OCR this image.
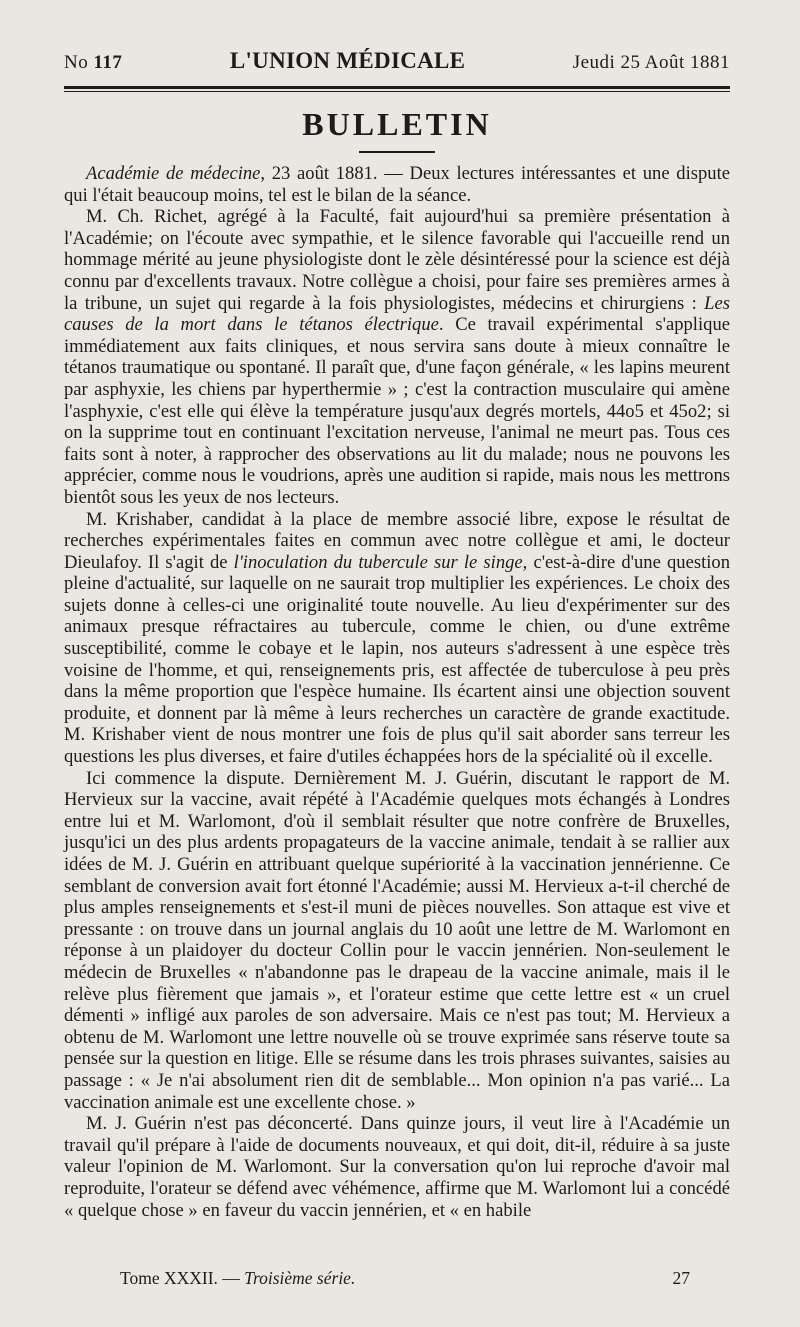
No 117	L'UNION MÉDICALE	Jeudi 25 Août 1881
BULLETIN

Académie de médecine, 23 août 1881. — Deux lectures intéressantes et une dispute qui l'était beaucoup moins, tel est le bilan de la séance.

M. Ch. Richet, agrégé à la Faculté, fait aujourd'hui sa première présentation à l'Académie; on l'écoute avec sympathie, et le silence favorable qui l'accueille rend un hommage mérité au jeune physiologiste dont le zèle désintéressé pour la science est déjà connu par d'excellents travaux. Notre collègue a choisi, pour faire ses premières armes à la tribune, un sujet qui regarde à la fois physiologistes, médecins et chirurgiens : Les causes de la mort dans le tétanos électrique. Ce travail expérimental s'applique immédiatement aux faits cliniques, et nous servira sans doute à mieux connaître le tétanos traumatique ou spontané. Il paraît que, d'une façon générale, « les lapins meurent par asphyxie, les chiens par hyperthermie » ; c'est la contraction musculaire qui amène l'asphyxie, c'est elle qui élève la température jusqu'aux degrés mortels, 44o5 et 45o2; si on la supprime tout en continuant l'excitation nerveuse, l'animal ne meurt pas. Tous ces faits sont à noter, à rapprocher des observations au lit du malade; nous ne pouvons les apprécier, comme nous le voudrions, après une audition si rapide, mais nous les mettrons bientôt sous les yeux de nos lecteurs.

M. Krishaber, candidat à la place de membre associé libre, expose le résultat de recherches expérimentales faites en commun avec notre collègue et ami, le docteur Dieulafoy. Il s'agit de l'inoculation du tubercule sur le singe, c'est-à-dire d'une question pleine d'actualité, sur laquelle on ne saurait trop multiplier les expériences. Le choix des sujets donne à celles-ci une originalité toute nouvelle. Au lieu d'expérimenter sur des animaux presque réfractaires au tubercule, comme le chien, ou d'une extrême susceptibilité, comme le cobaye et le lapin, nos auteurs s'adressent à une espèce très voisine de l'homme, et qui, renseignements pris, est affectée de tuberculose à peu près dans la même proportion que l'espèce humaine. Ils écartent ainsi une objection souvent produite, et donnent par là même à leurs recherches un caractère de grande exactitude. M. Krishaber vient de nous montrer une fois de plus qu'il sait aborder sans terreur les questions les plus diverses, et faire d'utiles échappées hors de la spécialité où il excelle.

Ici commence la dispute. Dernièrement M. J. Guérin, discutant le rapport de M. Hervieux sur la vaccine, avait répété à l'Académie quelques mots échangés à Londres entre lui et M. Warlomont, d'où il semblait résulter que notre confrère de Bruxelles, jusqu'ici un des plus ardents propagateurs de la vaccine animale, tendait à se rallier aux idées de M. J. Guérin en attribuant quelque supériorité à la vaccination jennérienne. Ce semblant de conversion avait fort étonné l'Académie; aussi M. Hervieux a-t-il cherché de plus amples renseignements et s'est-il muni de pièces nouvelles. Son attaque est vive et pressante : on trouve dans un journal anglais du 10 août une lettre de M. Warlomont en réponse à un plaidoyer du docteur Collin pour le vaccin jennérien. Non-seulement le médecin de Bruxelles « n'abandonne pas le drapeau de la vaccine animale, mais il le relève plus fièrement que jamais », et l'orateur estime que cette lettre est « un cruel démenti » infligé aux paroles de son adversaire. Mais ce n'est pas tout; M. Hervieux a obtenu de M. Warlomont une lettre nouvelle où se trouve exprimée sans réserve toute sa pensée sur la question en litige. Elle se résume dans les trois phrases suivantes, saisies au passage : « Je n'ai absolument rien dit de semblable... Mon opinion n'a pas varié... La vaccination animale est une excellente chose. »

M. J. Guérin n'est pas déconcerté. Dans quinze jours, il veut lire à l'Académie un travail qu'il prépare à l'aide de documents nouveaux, et qui doit, dit-il, réduire à sa juste valeur l'opinion de M. Warlomont. Sur la conversation qu'on lui reproche d'avoir mal reproduite, l'orateur se défend avec véhémence, affirme que M. Warlomont lui a concédé « quelque chose » en faveur du vaccin jennérien, et « en habile

Tome XXXII. — Troisième série.	27
